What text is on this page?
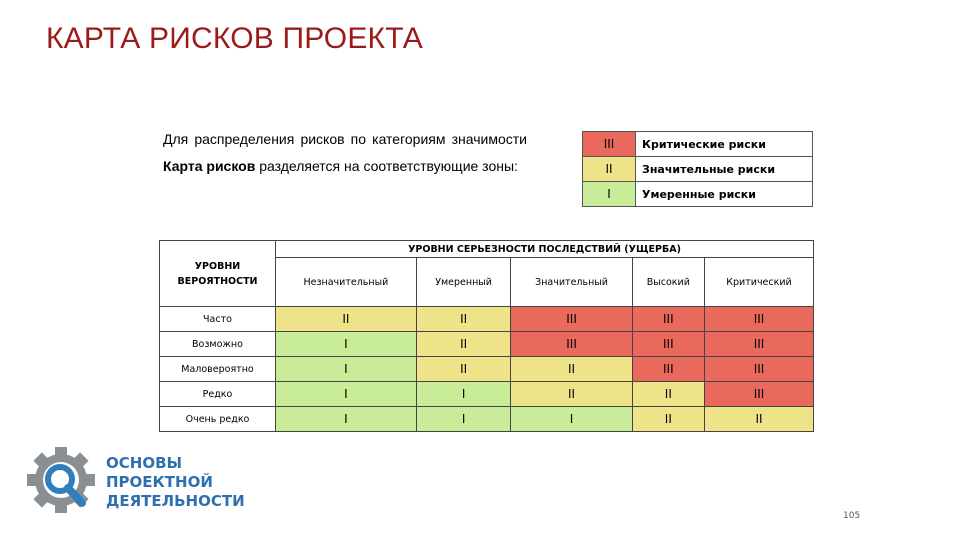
КАРТА РИСКОВ ПРОЕКТА
Для распределения рисков по категориям значимости Карта рисков разделяется на соответствующие зоны:
III	Критические риски
II	Значительные риски
I	Умеренные риски
УРОВНИ ВЕРОЯТНОСТИ	УРОВНИ СЕРЬЕЗНОСТИ ПОСЛЕДСТВИЙ (УЩЕРБА)				
	Незначительный	Умеренный	Значительный	Высокий	Критический
Часто	II	II	III	III	III
Возможно	I	II	III	III	III
Маловероятно	I	II	II	III	III
Редко	I	I	II	II	III
Очень редко	I	I	I	II	II
ОСНОВЫ
ПРОЕКТНОЙ
ДЕЯТЕЛЬНОСТИ
105
